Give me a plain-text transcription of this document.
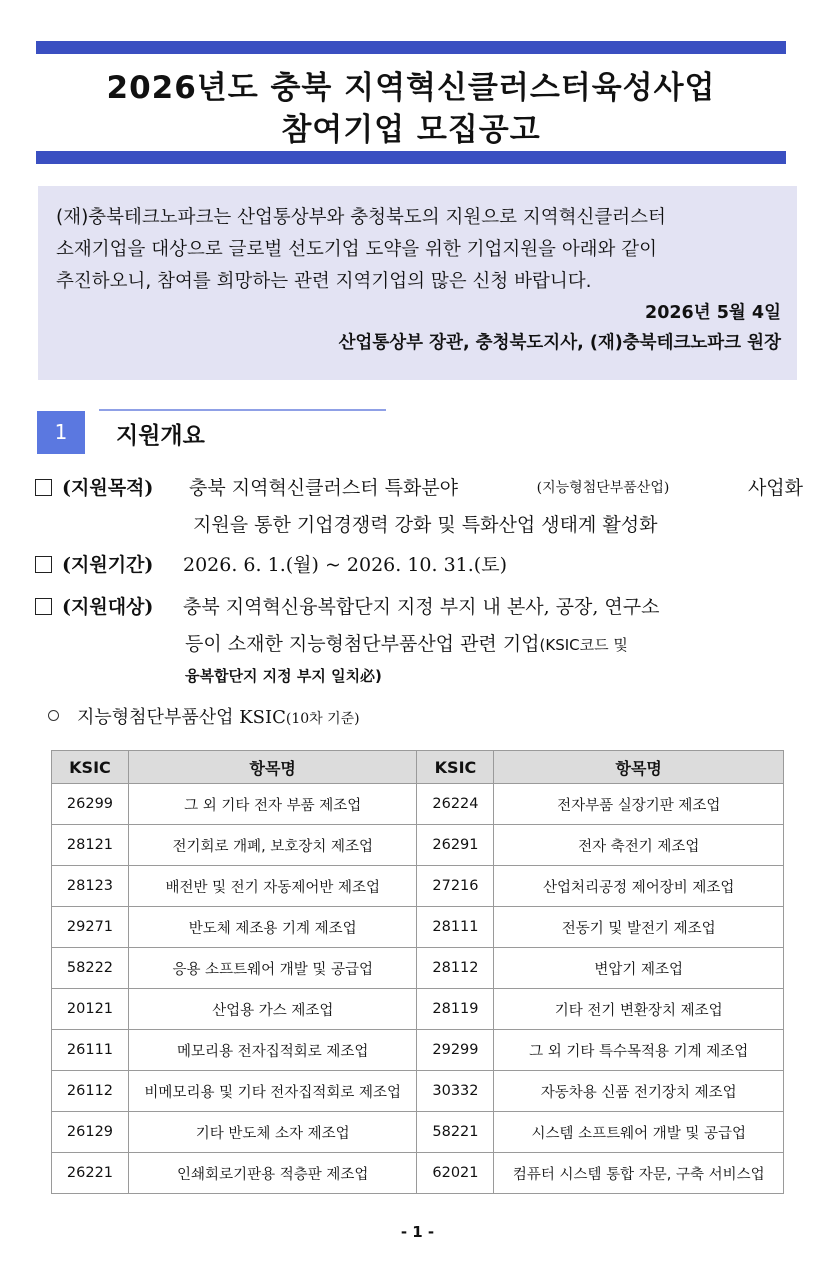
2026년도 충북 지역혁신클러스터육성사업
참여기업 모집공고
(재)충북테크노파크는 산업통상부와 충청북도의 지원으로 지역혁신클러스터
소재기업을 대상으로 글로벌 선도기업 도약을 위한 기업지원을 아래와 같이
추진하오니, 참여를 희망하는 관련 지역기업의 많은 신청 바랍니다.
2026년 5월 4일
산업통상부 장관, 충청북도지사, (재)충북테크노파크 원장
1	지원개요
(지원목적) 충북 지역혁신클러스터 특화분야	(지능형첨단부품산업)	사업화
지원을 통한 기업경쟁력 강화 및 특화산업 생태계 활성화
(지원기간) 2026. 6. 1.(월) ~ 2026. 10. 31.(토)
(지원대상) 충북 지역혁신융복합단지 지정 부지 내 본사, 공장, 연구소
등이 소재한 지능형첨단부품산업 관련 기업(KSIC코드 및
융복합단지 지정 부지 일치必)
지능형첨단부품산업 KSIC(10차 기준)
KSIC	항목명	KSIC	항목명
26299	그 외 기타 전자 부품 제조업	26224	전자부품 실장기판 제조업
28121	전기회로 개폐, 보호장치 제조업	26291	전자 축전기 제조업
28123	배전반 및 전기 자동제어반 제조업	27216	산업처리공정 제어장비 제조업
29271	반도체 제조용 기계 제조업	28111	전동기 및 발전기 제조업
58222	응용 소프트웨어 개발 및 공급업	28112	변압기 제조업
20121	산업용 가스 제조업	28119	기타 전기 변환장치 제조업
26111	메모리용 전자집적회로 제조업	29299	그 외 기타 특수목적용 기계 제조업
26112	비메모리용 및 기타 전자집적회로 제조업	30332	자동차용 신품 전기장치 제조업
26129	기타 반도체 소자 제조업	58221	시스템 소프트웨어 개발 및 공급업
26221	인쇄회로기판용 적층판 제조업	62021	컴퓨터 시스템 통합 자문, 구축 서비스업
- 1 -
